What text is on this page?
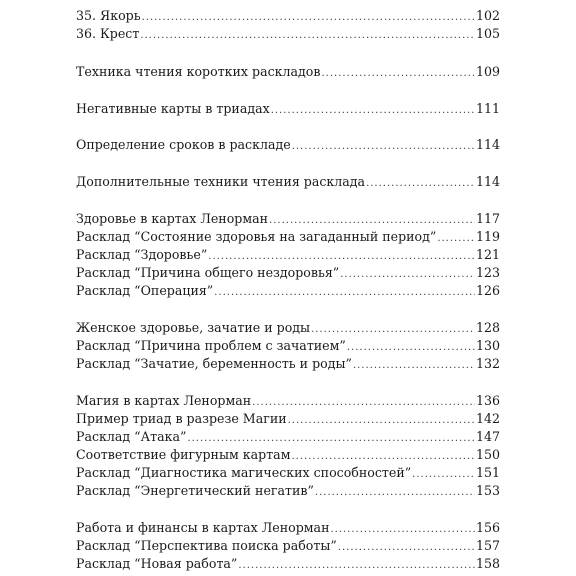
35. Якорь .....	102
36. Крест .....	105
Техника чтения коротких раскладов .....	109
Негативные карты в триадах .....	111
Определение сроков в раскладе .....	114
Дополнительные техники чтения расклада .....	114
Здоровье в картах Ленорман .....	117
Расклад “Состояние здоровья на загаданный период” .....	119
Расклад “Здоровье” .....	121
Расклад “Причина общего нездоровья” .....	123
Расклад “Операция” .....	126
Женское здоровье, зачатие и роды .....	128
Расклад “Причина проблем с зачатием” .....	130
Расклад “Зачатие, беременность и роды” .....	132
Магия в картах Ленорман .....	136
Пример триад в разрезе Магии .....	142
Расклад “Атака” .....	147
Соответствие фигурным картам .....	150
Расклад “Диагностика магических способностей” .....	151
Расклад “Энергетический негатив” .....	153
Работа и финансы в картах Ленорман .....	156
Расклад “Перспектива поиска работы” .....	157
Расклад “Новая работа” .....	158
